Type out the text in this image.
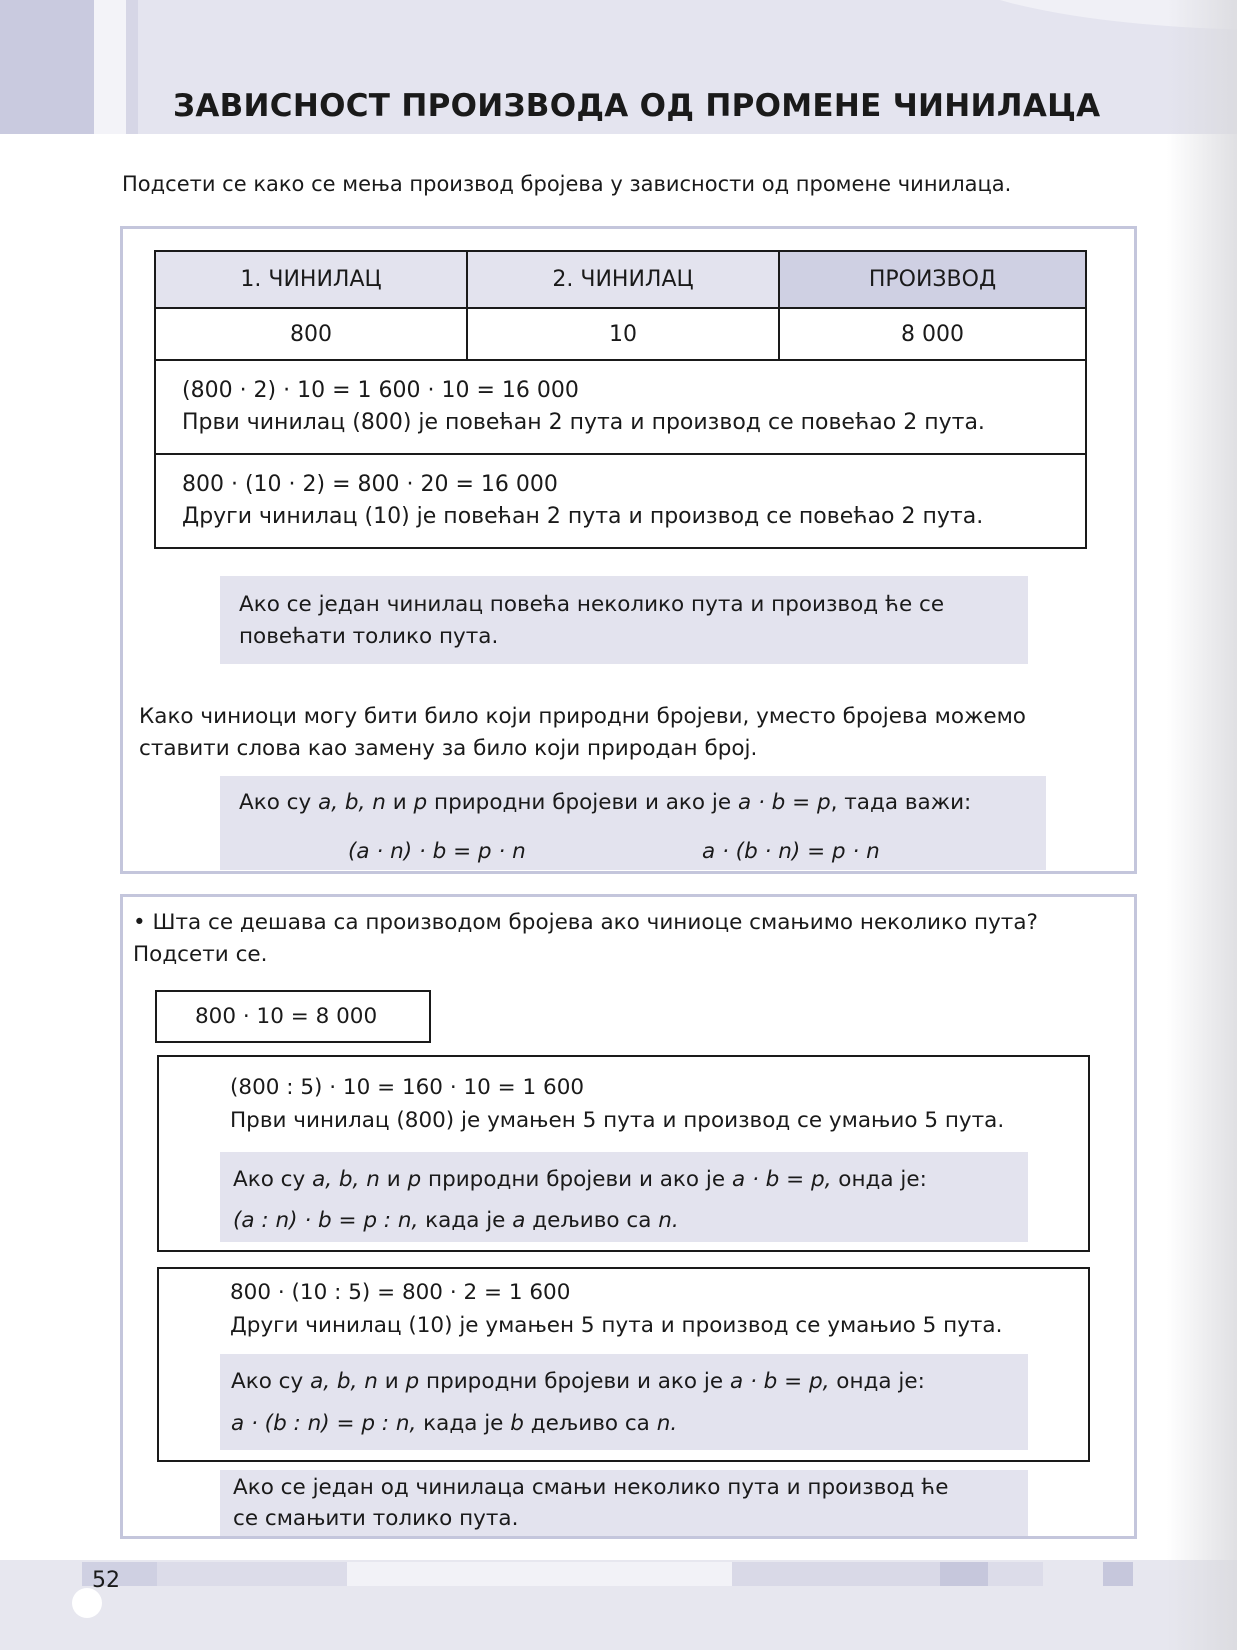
ЗАВИСНОСТ ПРОИЗВОДА ОД ПРОМЕНЕ ЧИНИЛАЦА
Подсети се како се мења производ бројева у зависности од промене чинилаца.
1. ЧИНИЛАЦ	2. ЧИНИЛАЦ	ПРОИЗВОД
800	10	8 000

(800 · 2) · 10 = 1 600 · 10 = 16 000
Први чинилац (800) је повећан 2 пута и производ се повећао 2 пута.		

800 · (10 · 2) = 800 · 20 = 16 000
Други чинилац (10) је повећан 2 пута и производ се повећао 2 пута.		
Ако се један чинилац повећа неколико пута и производ ће се
повећати толико пута.
Како чиниоци могу бити било који природни бројеви, уместо бројева можемо
ставити слова као замену за било који природан број.
Ако су a, b, n и p природни бројеви и ако је a · b = p, тада важи:
(a · n) · b = p · n	a · (b · n) = p · n
• Шта се дешава са производом бројева ако чиниоце смањимо неколико пута?
Подсети се.
800 · 10 = 8 000
(800 : 5) · 10 = 160 · 10 = 1 600
Први чинилац (800) је умањен 5 пута и производ се умањио 5 пута.
Ако су a, b, n и p природни бројеви и ако је a · b = p, онда је:
(a : n) · b = p : n, када је a дељиво са n.
800 · (10 : 5) = 800 · 2 = 1 600
Други чинилац (10) је умањен 5 пута и производ се умањио 5 пута.
Ако су a, b, n и p природни бројеви и ако је a · b = p, онда је:
a · (b : n) = p : n, када је b дељиво са n.
Ако се један од чинилаца смањи неколико пута и производ ће
се смањити толико пута.
52
